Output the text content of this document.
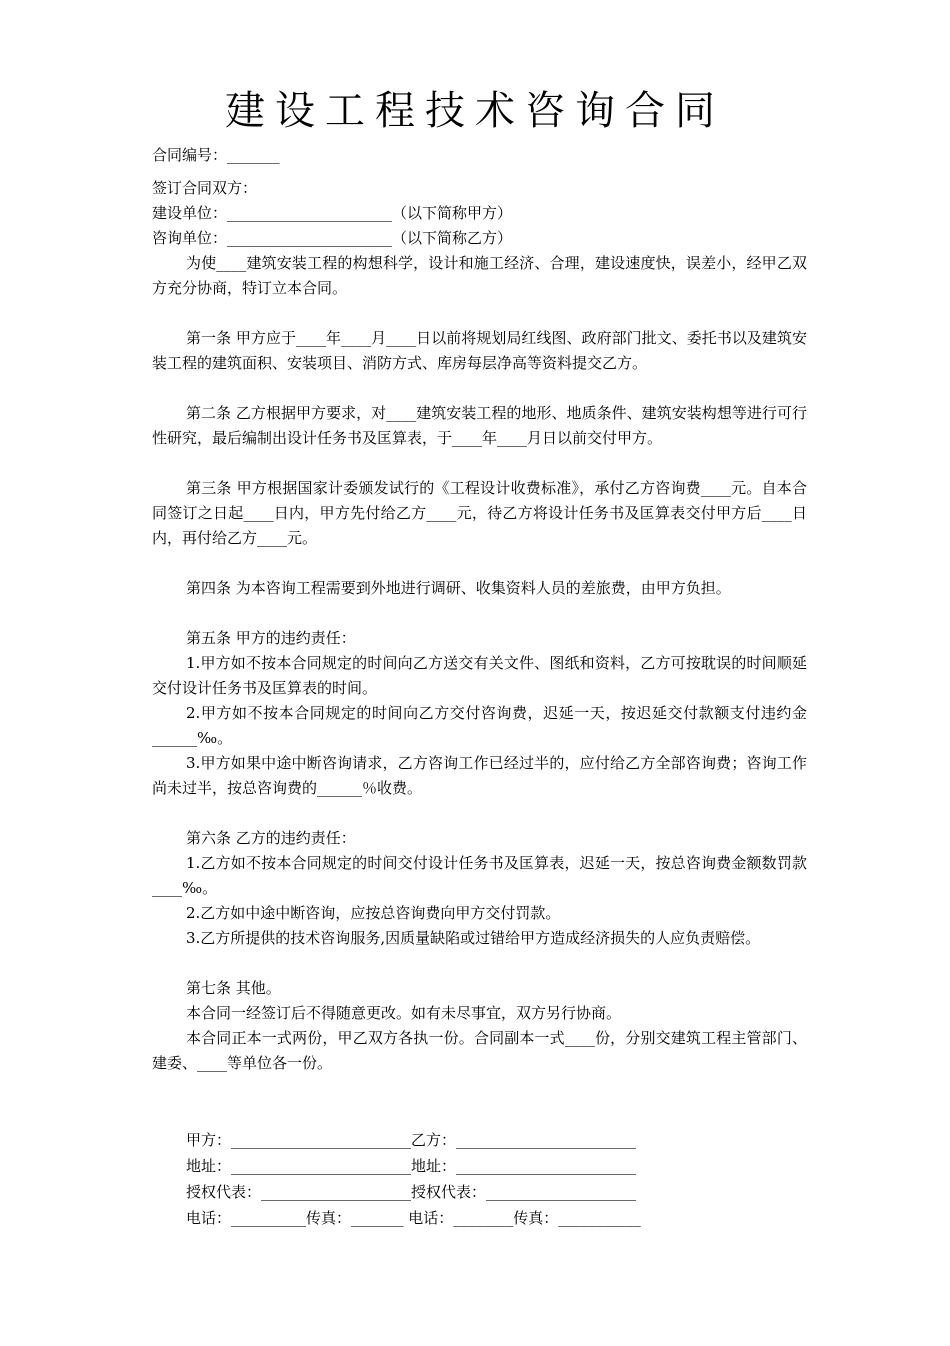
建设工程技术咨询合同
合同编号：_______
签订合同双方：
建设单位：______________________（以下简称甲方）
咨询单位：______________________（以下简称乙方）
为使____建筑安装工程的构想科学，设计和施工经济、合理，建设速度快，误差小，经甲乙双方充分协商，特订立本合同。
第一条 甲方应于____年____月____日以前将规划局红线图、政府部门批文、委托书以及建筑安装工程的建筑面积、安装项目、消防方式、库房每层净高等资料提交乙方。
第二条 乙方根据甲方要求，对____建筑安装工程的地形、地质条件、建筑安装构想等进行可行性研究，最后编制出设计任务书及匡算表，于____年____月日以前交付甲方。
第三条 甲方根据国家计委颁发试行的《工程设计收费标准》，承付乙方咨询费____元。自本合同签订之日起____日内，甲方先付给乙方____元，待乙方将设计任务书及匡算表交付甲方后____日内，再付给乙方____元。
第四条 为本咨询工程需要到外地进行调研、收集资料人员的差旅费，由甲方负担。
第五条 甲方的违约责任：
1.甲方如不按本合同规定的时间向乙方送交有关文件、图纸和资料，乙方可按耽误的时间顺延交付设计任务书及匡算表的时间。
2.甲方如不按本合同规定的时间向乙方交付咨询费，迟延一天，按迟延交付款额支付违约金______‰。
3.甲方如果中途中断咨询请求，乙方咨询工作已经过半的，应付给乙方全部咨询费；咨询工作尚未过半，按总咨询费的______％收费。
第六条 乙方的违约责任：
1.乙方如不按本合同规定的时间交付设计任务书及匡算表，迟延一天，按总咨询费金额数罚款____‰。
2.乙方如中途中断咨询，应按总咨询费向甲方交付罚款。
3.乙方所提供的技术咨询服务,因质量缺陷或过错给甲方造成经济损失的人应负责赔偿。
第七条 其他。
本合同一经签订后不得随意更改。如有未尽事宜，双方另行协商。
本合同正本一式两份，甲乙双方各执一份。合同副本一式____份，分别交建筑工程主管部门、建委、____等单位各一份。
甲方：________________________乙方：________________________
地址：________________________地址：________________________
授权代表：____________________授权代表：____________________
电话：__________传真：_______ 电话：________传真：___________
